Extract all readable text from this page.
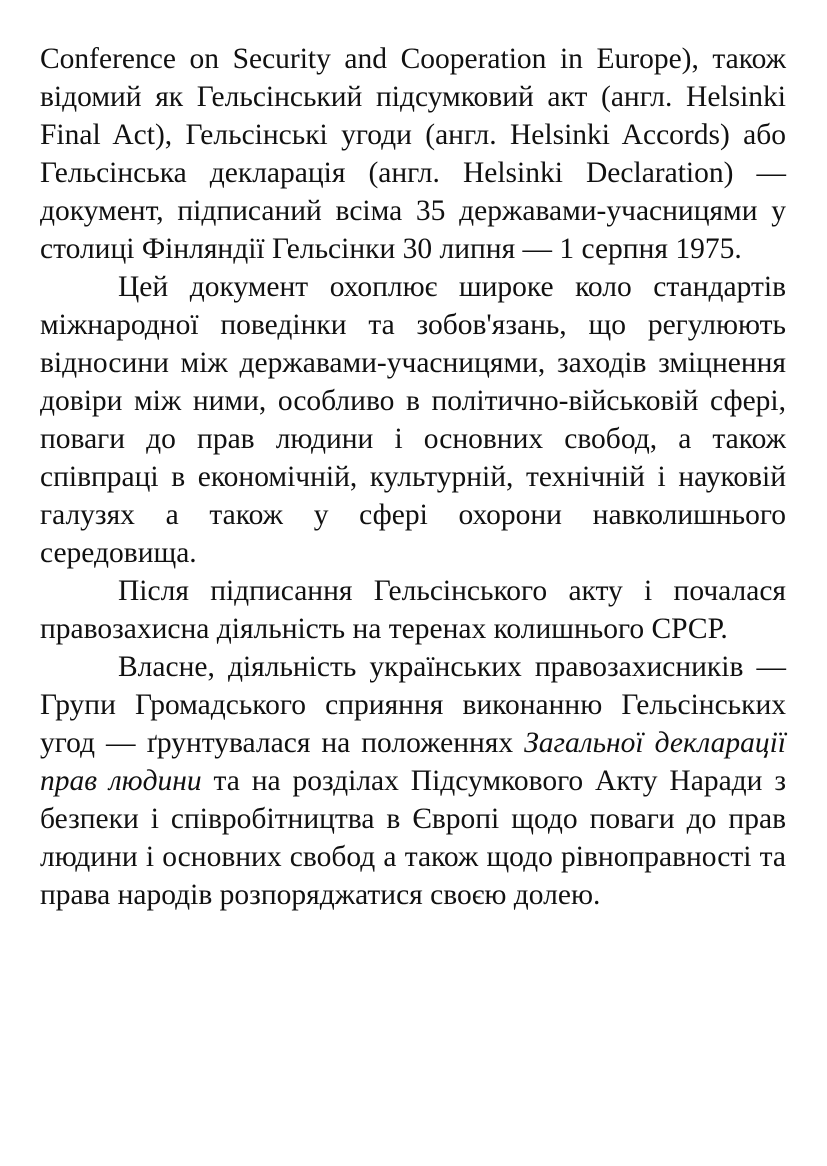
Conference on Security and Cooperation in Europe), також відомий як Гельсінський підсумковий акт (англ. Helsinki Final Act), Гельсінські угоди (англ. Helsinki Accords) або Гельсінська декларація (англ. Helsinki Declaration) — документ, підписаний всіма 35 державами-учасницями у столиці Фінляндії Гельсінки 30 липня — 1 серпня 1975.

Цей документ охоплює широке коло стандартів міжнародної поведінки та зобов'язань, що регулюють відносини між державами-учасницями, заходів зміцнення довіри між ними, особливо в політично-військовій сфері, поваги до прав людини і основних свобод, а також співпраці в економічній, культурній, технічній і науковій галузях а також у сфері охорони навколишнього середовища.

Після підписання Гельсінського акту і почалася правозахисна діяльність на теренах колишнього СРСР.

Власне, діяльність українських правозахисників — Групи Громадського сприяння виконанню Гельсінських угод — ґрунтувалася на положеннях Загальної декларації прав людини та на розділах Підсумкового Акту Наради з безпеки і співробітництва в Європі щодо поваги до прав людини і основних свобод а також щодо рівноправності та права народів розпоряджатися своєю долею.
